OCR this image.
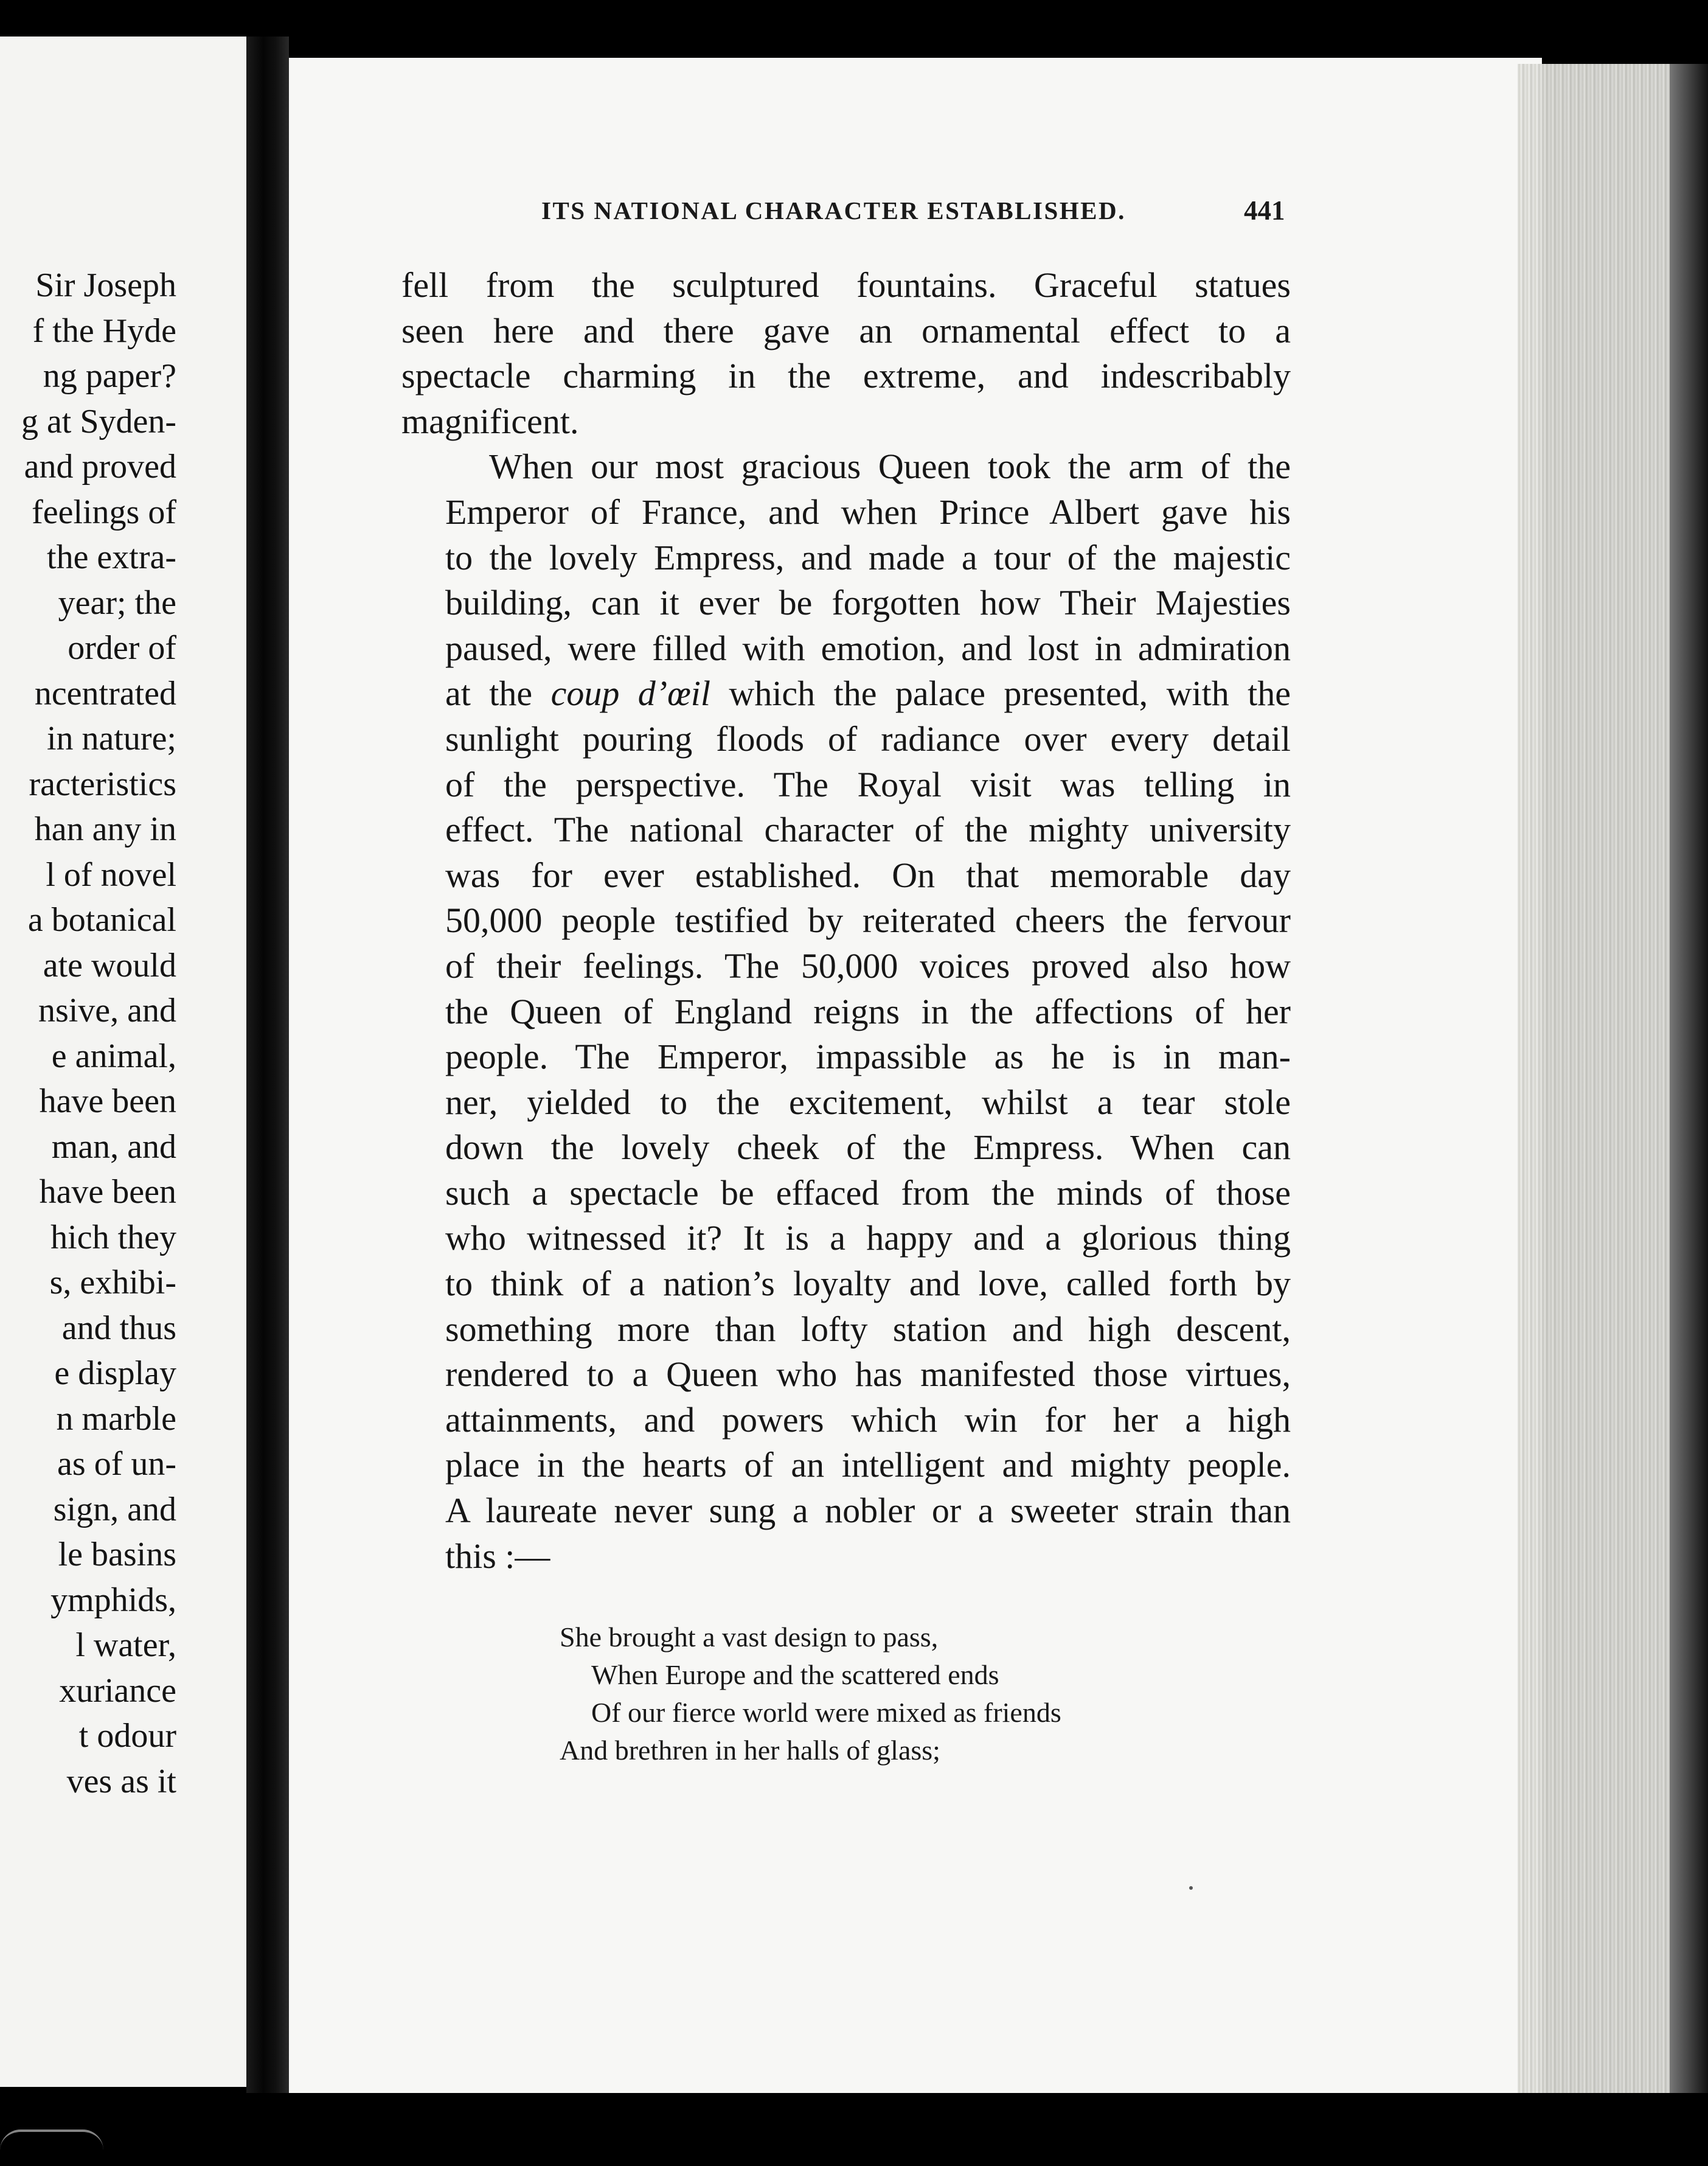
Sir Joseph
f the Hyde
ng paper?
g at Syden-
and proved
feelings of
the extra-
year; the
order of
ncentrated
in nature;
racteristics
han any in
l of novel
a botanical
ate would
nsive, and
e animal,
have been
man, and
have been
hich they
s, exhibi-
and thus
e display
n marble
as of un-
sign, and
le basins
ymphids,
l water,
xuriance
t odour
ves as it
ITS NATIONAL CHARACTER ESTABLISHED.	441

fell from the sculptured fountains. Graceful statues
seen here and there gave an ornamental effect to a
spectacle charming in the extreme, and indescribably
magnificent.

When our most gracious Queen took the arm of the
Emperor of France, and when Prince Albert gave his
to the lovely Empress, and made a tour of the majestic
building, can it ever be forgotten how Their Majesties
paused, were filled with emotion, and lost in admiration
at the coup d’œil which the palace presented, with the
sunlight pouring floods of radiance over every detail
of the perspective. The Royal visit was telling in
effect. The national character of the mighty university
was for ever established. On that memorable day
50,000 people testified by reiterated cheers the fervour
of their feelings. The 50,000 voices proved also how
the Queen of England reigns in the affections of her
people. The Emperor, impassible as he is in man-
ner, yielded to the excitement, whilst a tear stole
down the lovely cheek of the Empress. When can
such a spectacle be effaced from the minds of those
who witnessed it? It is a happy and a glorious thing
to think of a nation’s loyalty and love, called forth by
something more than lofty station and high descent,
rendered to a Queen who has manifested those virtues,
attainments, and powers which win for her a high
place in the hearts of an intelligent and mighty people.
A laureate never sung a nobler or a sweeter strain than
this :—

She brought a vast design to pass,
When Europe and the scattered ends
Of our fierce world were mixed as friends
And brethren in her halls of glass;
